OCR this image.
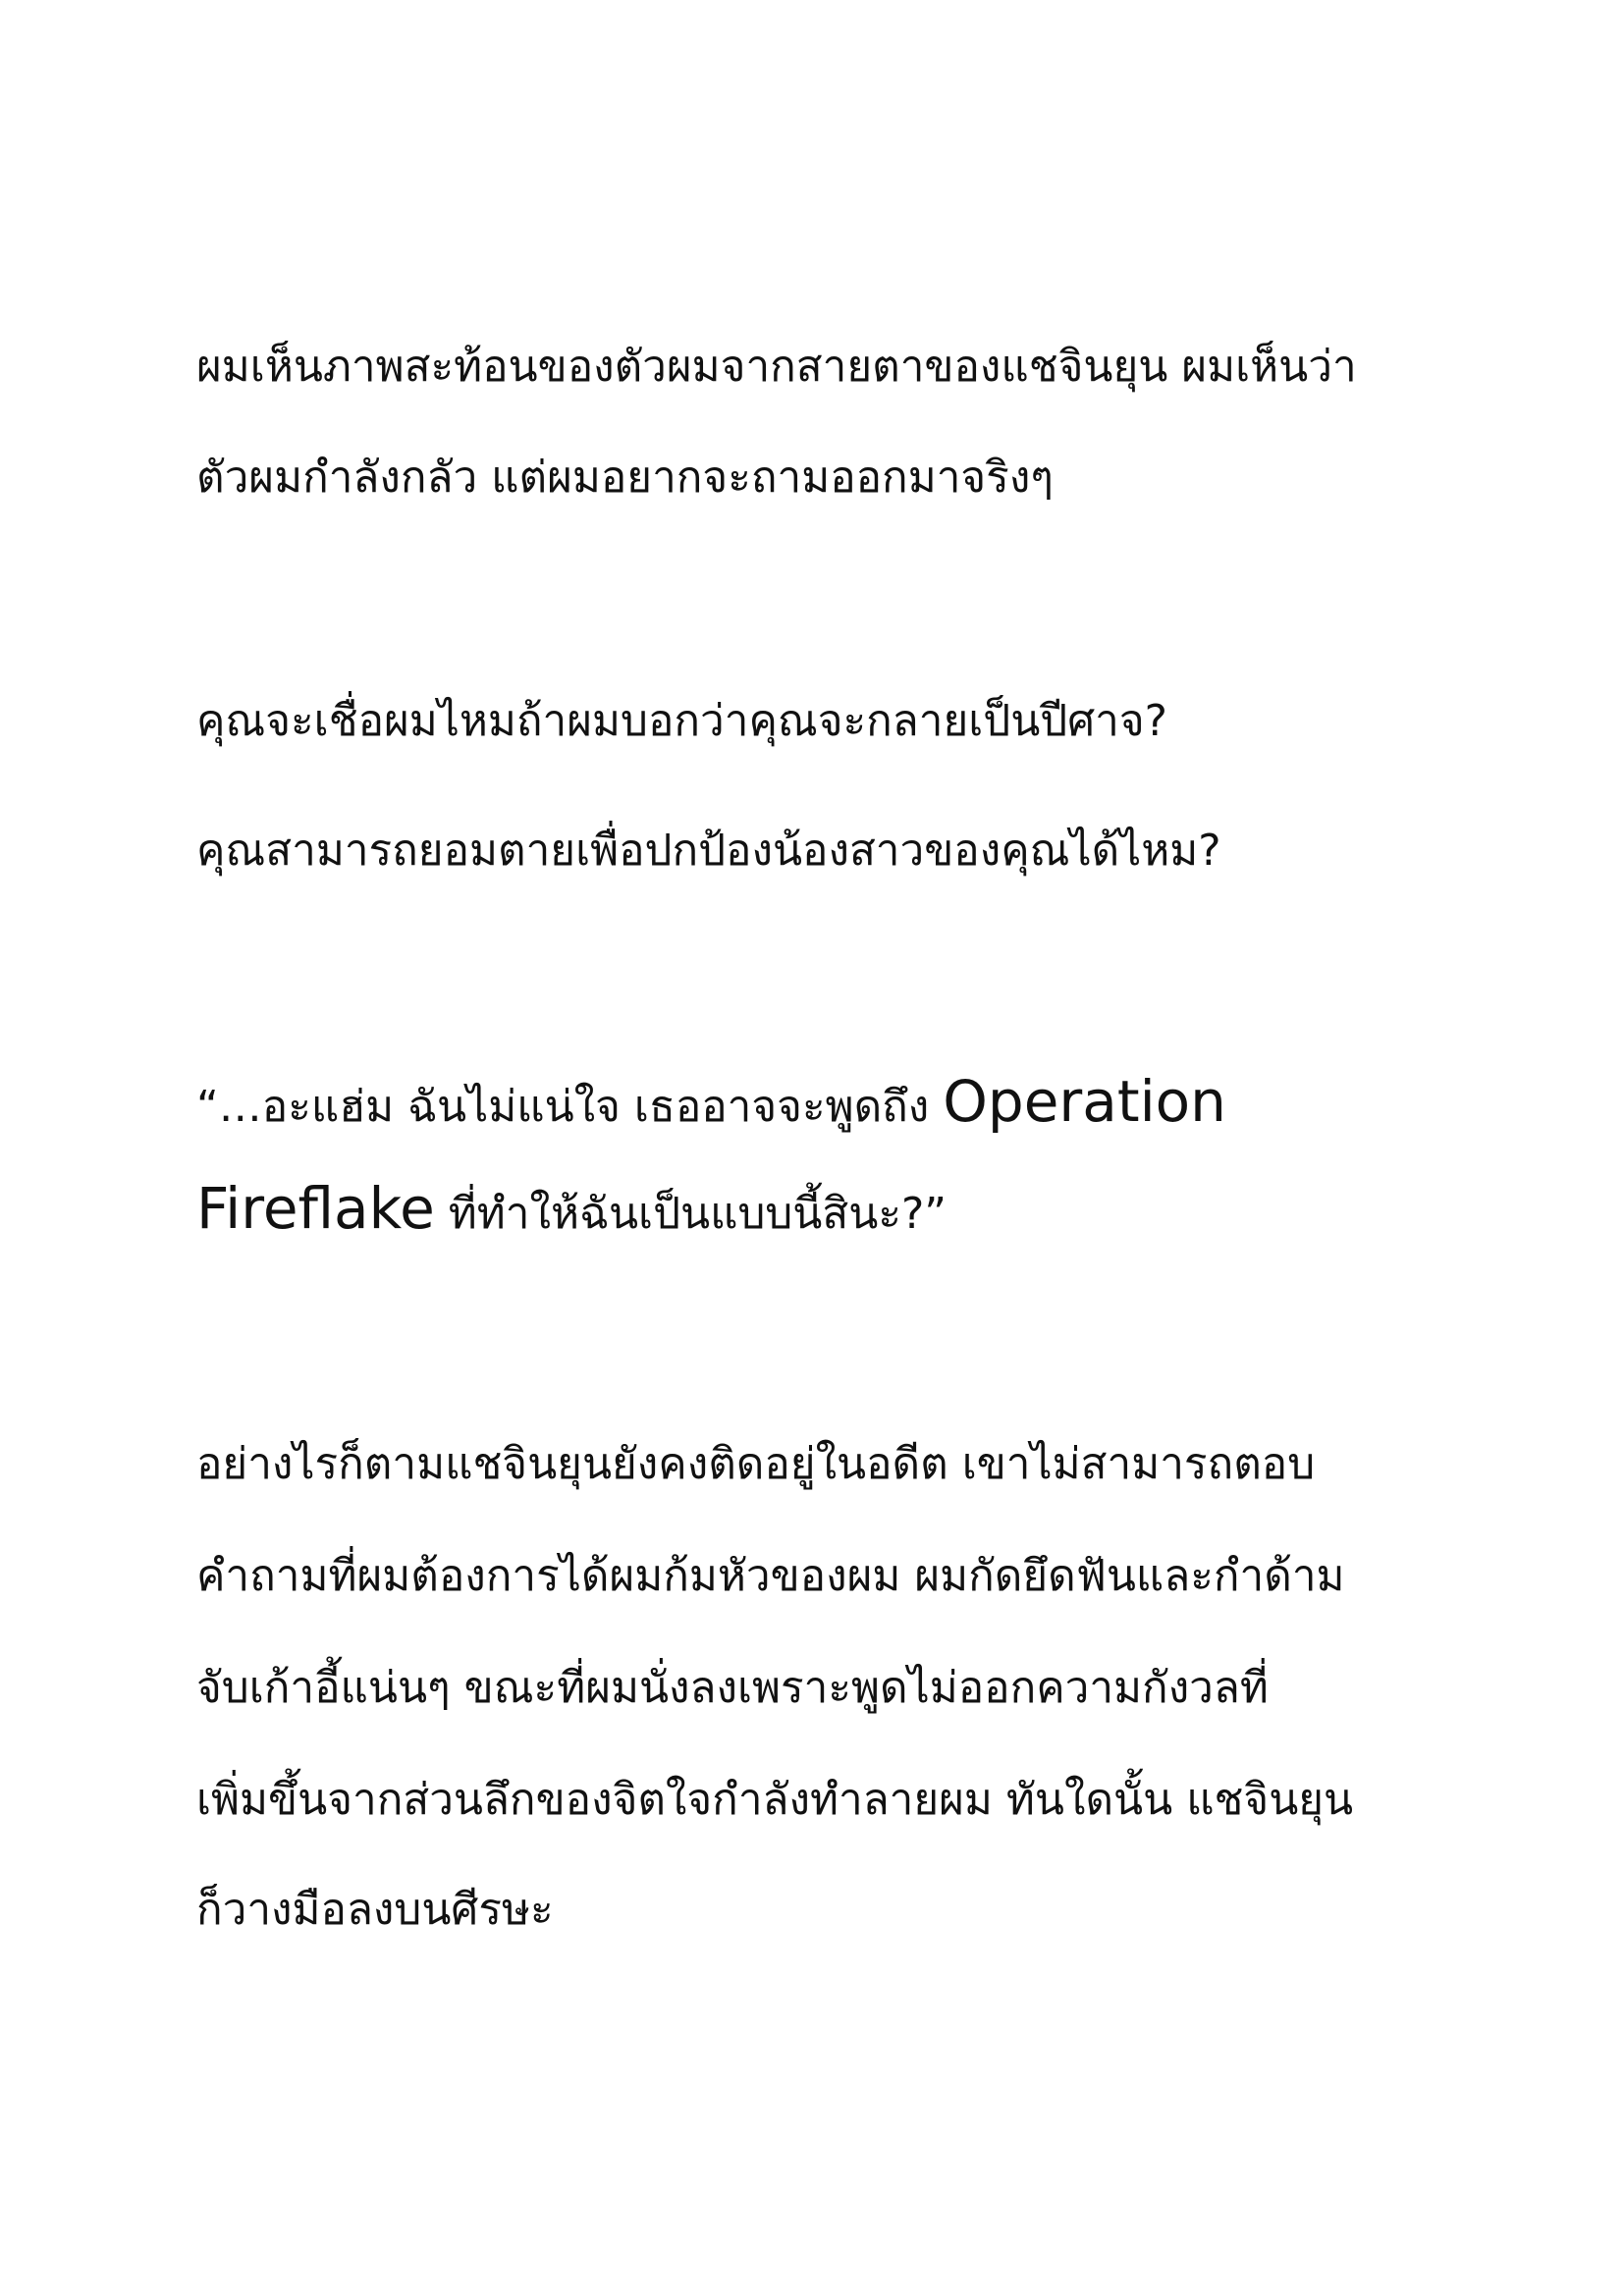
ผมเห็นภาพสะท้อนของตัวผมจากสายตาของแชจินยุน ผมเห็นว่า
ตัวผมกำลังกลัว แต่ผมอยากจะถามออกมาจริงๆ
คุณจะเชื่อผมไหมถ้าผมบอกว่าคุณจะกลายเป็นปีศาจ?
คุณสามารถยอมตายเพื่อปกป้องน้องสาวของคุณได้ไหม?
“…อะแฮ่ม ฉันไม่แน่ใจ เธออาจจะพูดถึง Operation
Fireflake ที่ทำให้ฉันเป็นแบบนี้สินะ?”
อย่างไรก็ตามแชจินยุนยังคงติดอยู่ในอดีต เขาไม่สามารถตอบ
คำถามที่ผมต้องการได้ผมก้มหัวของผม ผมกัดยึดฟันและกำด้าม
จับเก้าอี้แน่นๆ ขณะที่ผมนั่งลงเพราะพูดไม่ออกความกังวลที่
เพิ่มขึ้นจากส่วนลึกของจิตใจกำลังทำลายผม ทันใดนั้น แชจินยุน
ก็วางมือลงบนศีรษะ
